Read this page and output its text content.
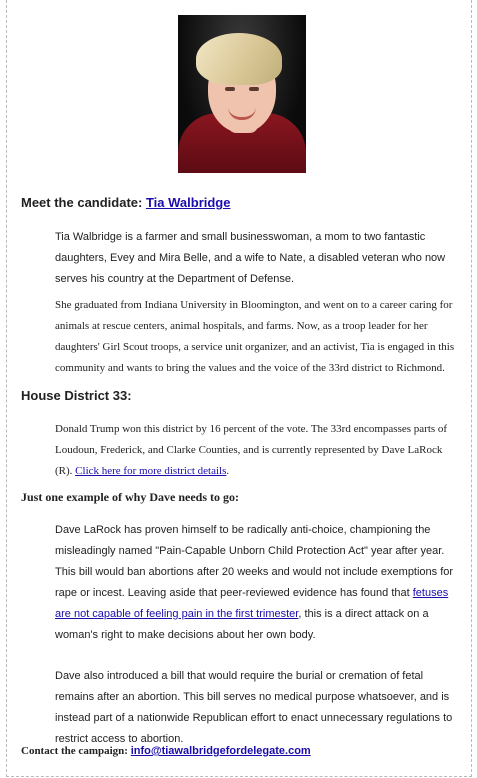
Meet the candidate: Tia Walbridge

Tia Walbridge is a farmer and small businesswoman, a mom to two fantastic daughters, Evey and Mira Belle, and a wife to Nate, a disabled veteran who now serves his country at the Department of Defense.

She graduated from Indiana University in Bloomington, and went on to a career caring for animals at rescue centers, animal hospitals, and farms. Now, as a troop leader for her daughters' Girl Scout troops, a service unit organizer, and an activist, Tia is engaged in this community and wants to bring the values and the voice of the 33rd district to Richmond.

House District 33:

Donald Trump won this district by 16 percent of the vote. The 33rd encompasses parts of Loudoun, Frederick, and Clarke Counties, and is currently represented by Dave LaRock (R). Click here for more district details.

Just one example of why Dave needs to go:

Dave LaRock has proven himself to be radically anti-choice, championing the misleadingly named "Pain-Capable Unborn Child Protection Act" year after year. This bill would ban abortions after 20 weeks and would not include exemptions for rape or incest. Leaving aside that peer-reviewed evidence has found that fetuses are not capable of feeling pain in the first trimester, this is a direct attack on a woman's right to make decisions about her own body.

Dave also introduced a bill that would require the burial or cremation of fetal remains after an abortion. This bill serves no medical purpose whatsoever, and is instead part of a nationwide Republican effort to enact unnecessary regulations to restrict access to abortion.

Contact the campaign: info@tiawalbridgefordelegate.com
